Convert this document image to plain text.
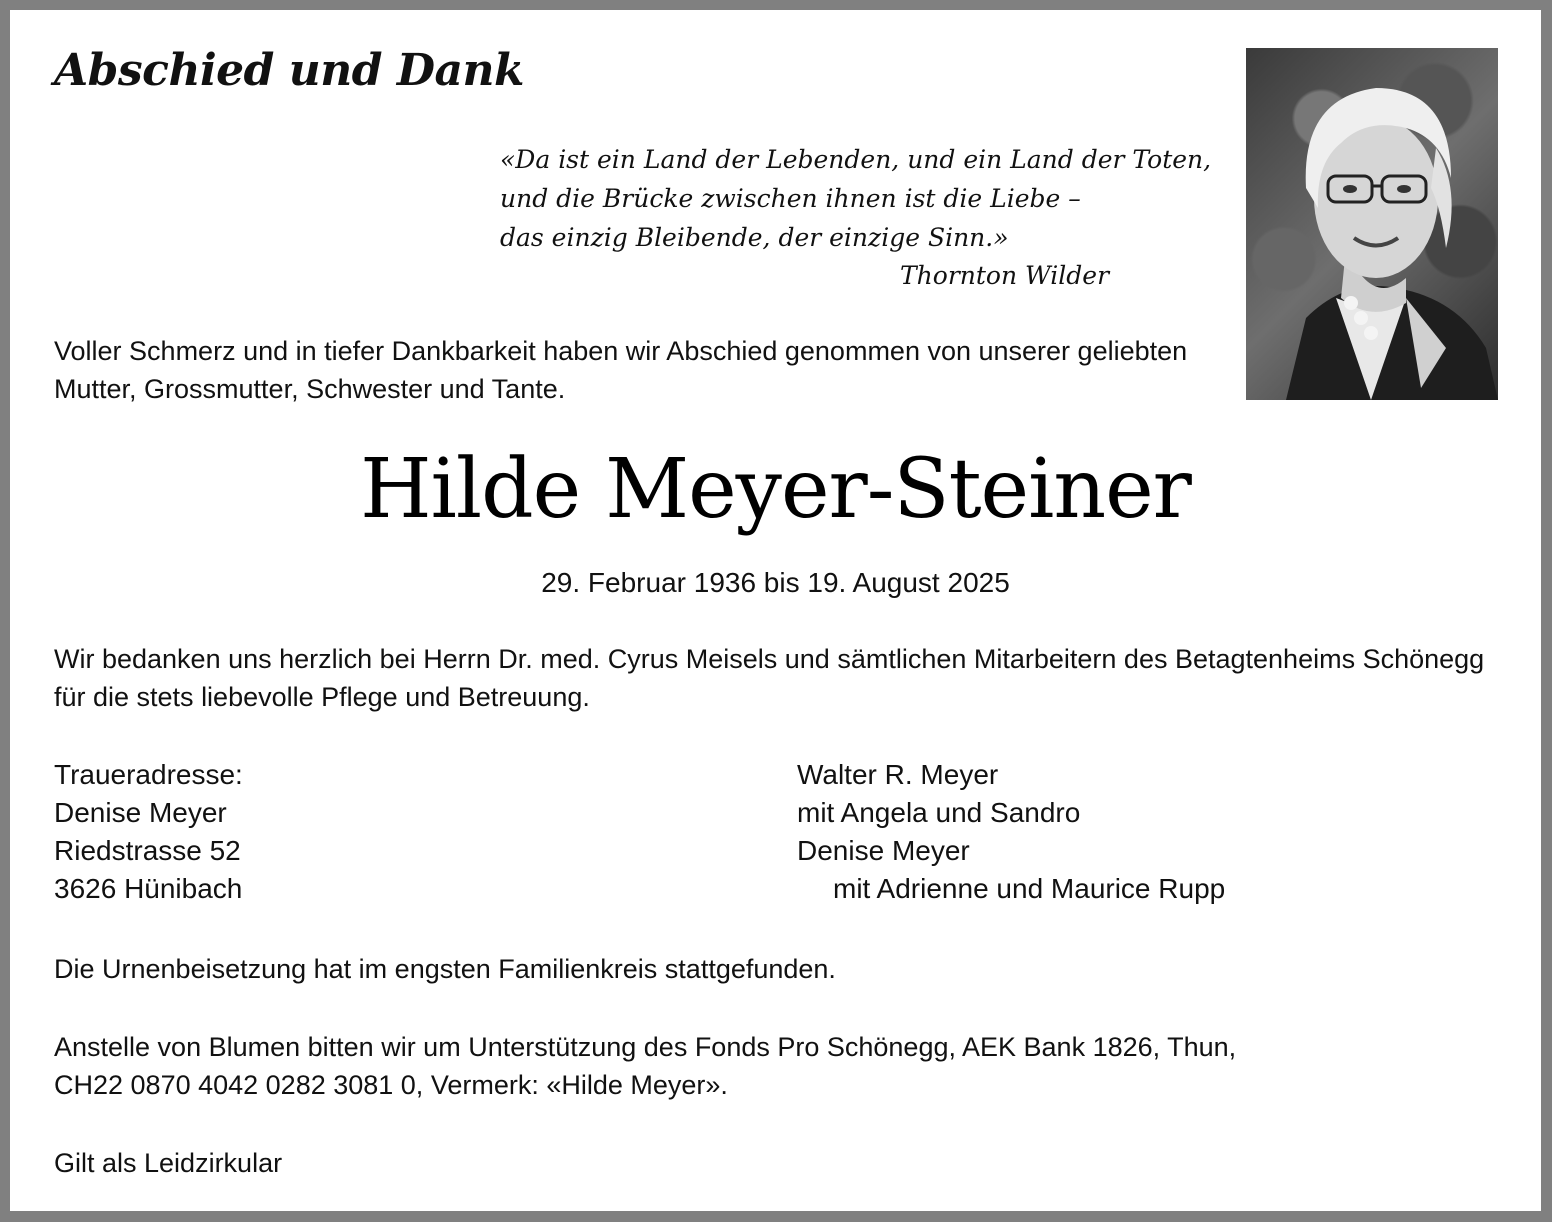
Abschied und Dank
«Da ist ein Land der Lebenden, und ein Land der Toten,
und die Brücke zwischen ihnen ist die Liebe –
das einzig Bleibende, der einzige Sinn.»
Thornton Wilder

Voller Schmerz und in tiefer Dankbarkeit haben wir Abschied genommen von unserer geliebten Mutter, Grossmutter, Schwester und Tante.

Hilde Meyer-Steiner
29. Februar 1936 bis 19. August 2025

Wir bedanken uns herzlich bei Herrn Dr. med. Cyrus Meisels und sämtlichen Mitarbeitern des Betagtenheims Schönegg für die stets liebevolle Pflege und Betreuung.

Traueradresse:
Denise Meyer
Riedstrasse 52
3626 Hünibach
Walter R. Meyer
mit Angela und Sandro
Denise Meyer
mit Adrienne und Maurice Rupp
Die Urnenbeisetzung hat im engsten Familienkreis stattgefunden.
Anstelle von Blumen bitten wir um Unterstützung des Fonds Pro Schönegg, AEK Bank 1826, Thun,
CH22 0870 4042 0282 3081 0, Vermerk: «Hilde Meyer».
Gilt als Leidzirkular
